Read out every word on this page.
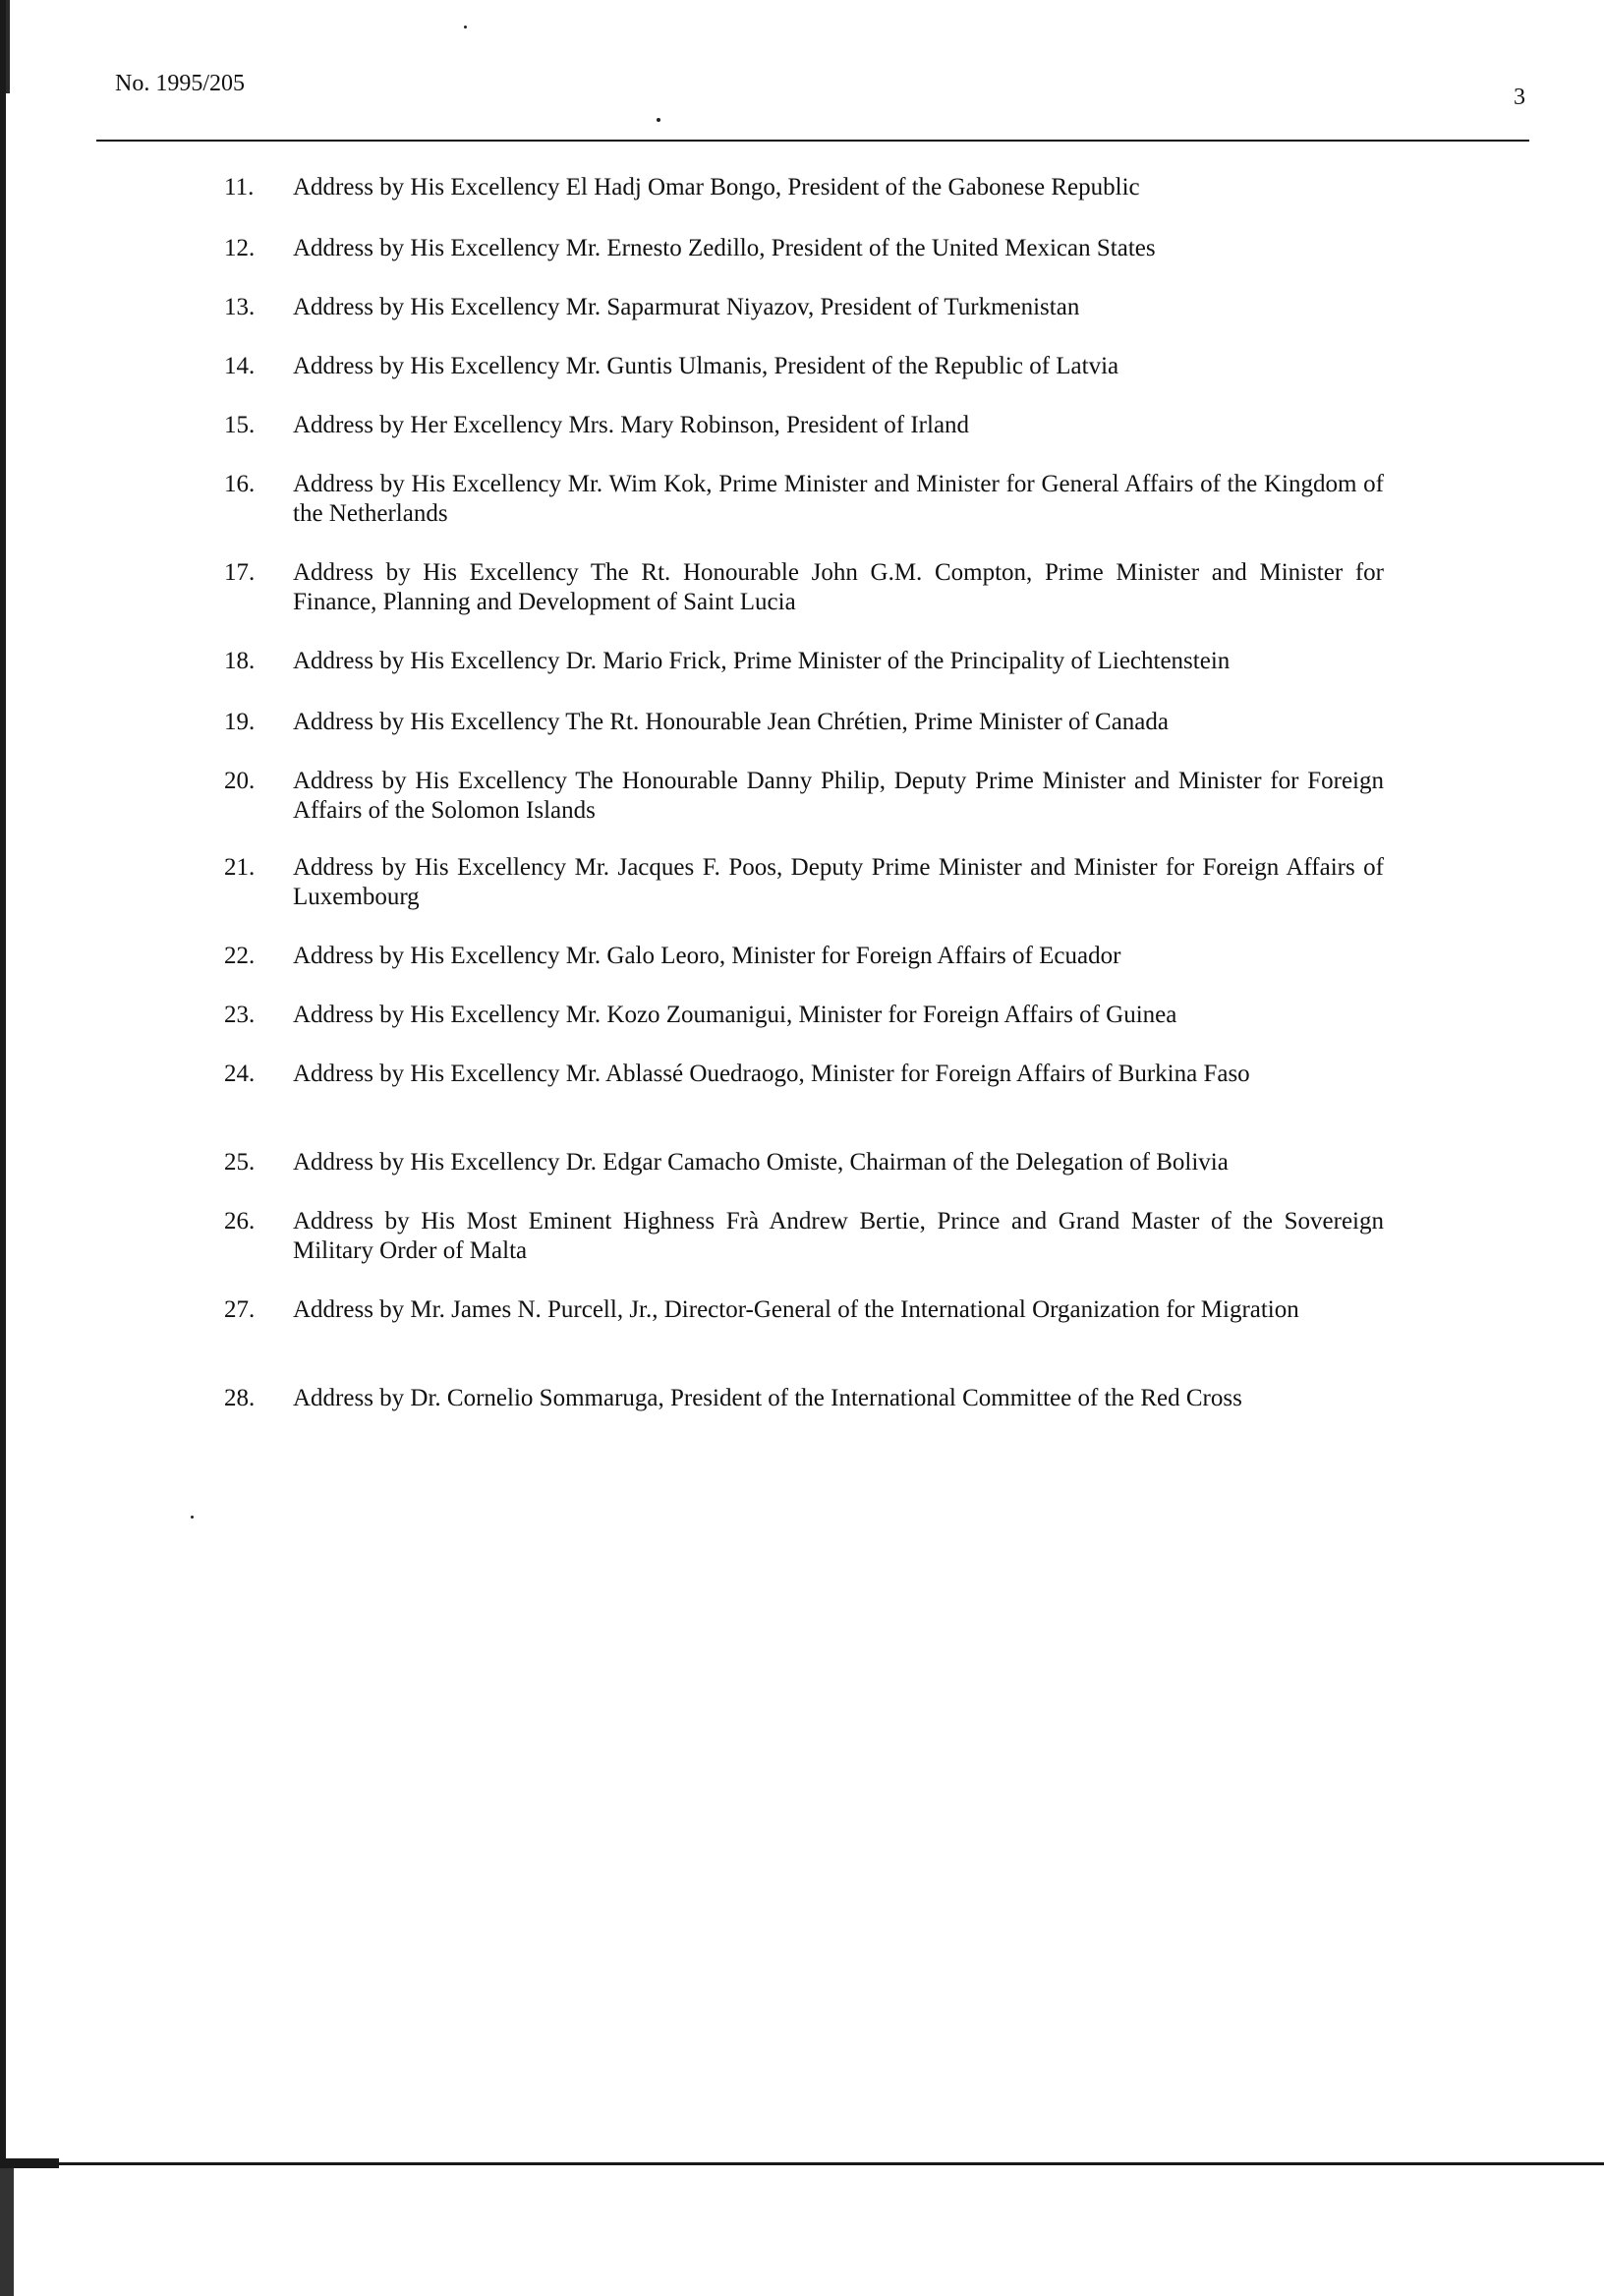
No. 1995/205
3
11.	Address by His Excellency El Hadj Omar Bongo, President of the Gabonese Republic
12.	Address by His Excellency Mr. Ernesto Zedillo, President of the United Mexican States
13.	Address by His Excellency Mr. Saparmurat Niyazov, President of Turkmenistan
14.	Address by His Excellency Mr. Guntis Ulmanis, President of the Republic of Latvia
15.	Address by Her Excellency Mrs. Mary Robinson, President of Irland
16.	Address by His Excellency Mr. Wim Kok, Prime Minister and Minister for General Affairs of the Kingdom of the Netherlands
17.	Address by His Excellency The Rt. Honourable John G.M. Compton, Prime Minister and Minister for Finance, Planning and Development of Saint Lucia
18.	Address by His Excellency Dr. Mario Frick, Prime Minister of the Principality of Liechtenstein
19.	Address by His Excellency The Rt. Honourable Jean Chrétien, Prime Minister of Canada
20.	Address by His Excellency The Honourable Danny Philip, Deputy Prime Minister and Minister for Foreign Affairs of the Solomon Islands
21.	Address by His Excellency Mr. Jacques F. Poos, Deputy Prime Minister and Minister for Foreign Affairs of Luxembourg
22.	Address by His Excellency Mr. Galo Leoro, Minister for Foreign Affairs of Ecuador
23.	Address by His Excellency Mr. Kozo Zoumanigui, Minister for Foreign Affairs of Guinea
24.	Address by His Excellency Mr. Ablassé Ouedraogo, Minister for Foreign Affairs of Burkina Faso
25.	Address by His Excellency Dr. Edgar Camacho Omiste, Chairman of the Delegation of Bolivia
26.	Address by His Most Eminent Highness Frà Andrew Bertie, Prince and Grand Master of the Sovereign Military Order of Malta
27.	Address by Mr. James N. Purcell, Jr., Director-General of the International Organization for Migration
28.	Address by Dr. Cornelio Sommaruga, President of the International Committee of the Red Cross
